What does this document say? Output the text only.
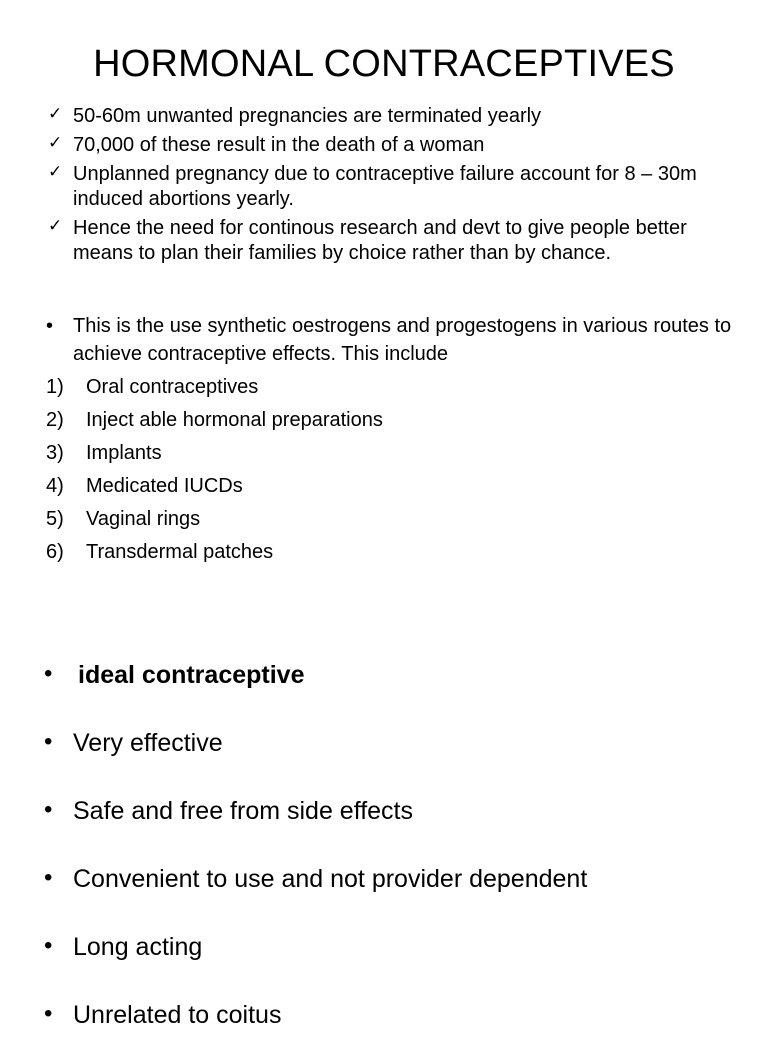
HORMONAL CONTRACEPTIVES
✓ 50-60m unwanted pregnancies are terminated yearly
✓ 70,000 of these result in the death of a woman
✓ Unplanned pregnancy due to contraceptive failure account for 8 – 30m induced abortions yearly.
✓ Hence the need for continous research and devt to give people better means to plan their families by choice rather than by chance.
• This is the use synthetic oestrogens and progestogens in various routes to achieve contraceptive effects. This include
1) Oral contraceptives
2) Inject able hormonal preparations
3) Implants
4) Medicated IUCDs
5) Vaginal rings
6) Transdermal patches
• ideal contraceptive
• Very effective
• Safe and free from side effects
• Convenient to use and not provider dependent
• Long acting
• Unrelated to coitus
